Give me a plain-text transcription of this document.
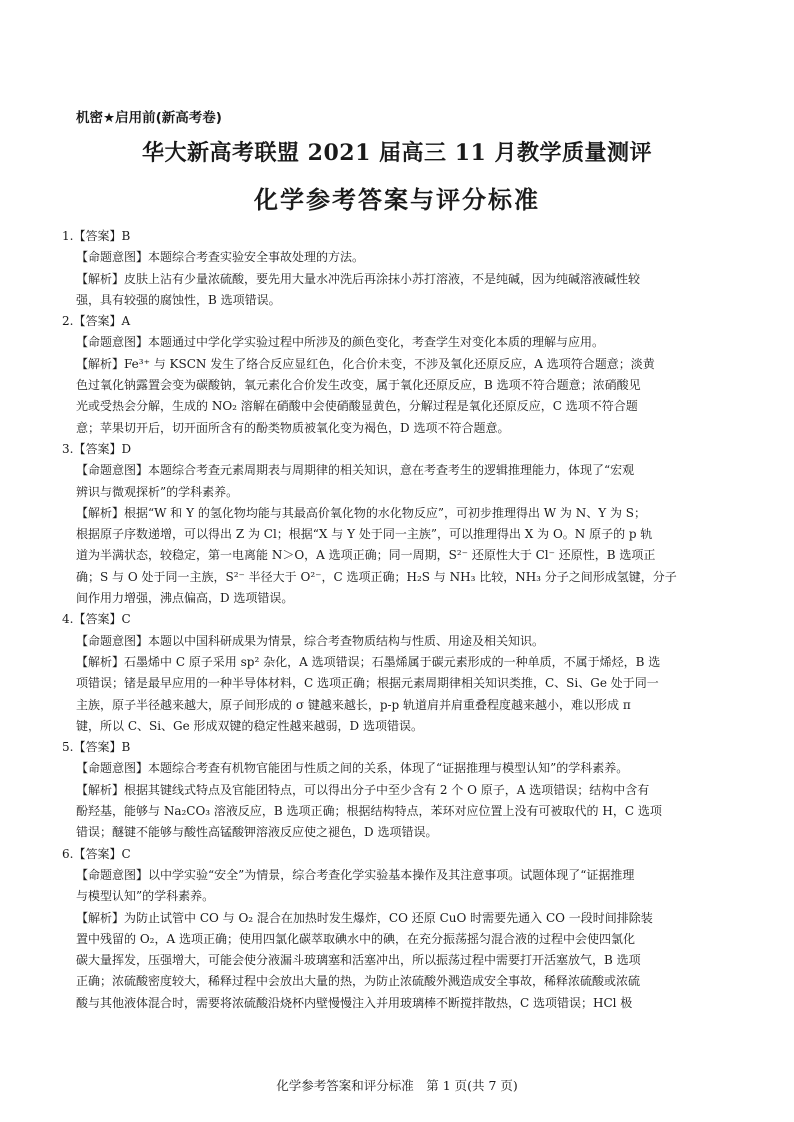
机密★启用前(新高考卷)
华大新高考联盟 2021 届高三 11 月教学质量测评
化学参考答案与评分标准
1.【答案】B
【命题意图】本题综合考查实验安全事故处理的方法。
【解析】皮肤上沾有少量浓硫酸，要先用大量水冲洗后再涂抹小苏打溶液，不是纯碱，因为纯碱溶液碱性较
强，具有较强的腐蚀性，B 选项错误。
2.【答案】A
【命题意图】本题通过中学化学实验过程中所涉及的颜色变化，考查学生对变化本质的理解与应用。
【解析】Fe³⁺ 与 KSCN 发生了络合反应显红色，化合价未变，不涉及氧化还原反应，A 选项符合题意；淡黄
色过氧化钠露置会变为碳酸钠，氧元素化合价发生改变，属于氧化还原反应，B 选项不符合题意；浓硝酸见
光或受热会分解，生成的 NO₂ 溶解在硝酸中会使硝酸显黄色，分解过程是氧化还原反应，C 选项不符合题
意；苹果切开后，切开面所含有的酚类物质被氧化变为褐色，D 选项不符合题意。
3.【答案】D
【命题意图】本题综合考查元素周期表与周期律的相关知识，意在考查考生的逻辑推理能力，体现了“宏观
辨识与微观探析”的学科素养。
【解析】根据“W 和 Y 的氢化物均能与其最高价氧化物的水化物反应”，可初步推理得出 W 为 N、Y 为 S；
根据原子序数递增，可以得出 Z 为 Cl；根据“X 与 Y 处于同一主族”，可以推理得出 X 为 O。N 原子的 p 轨
道为半满状态，较稳定，第一电离能 N＞O，A 选项正确；同一周期，S²⁻ 还原性大于 Cl⁻ 还原性，B 选项正
确；S 与 O 处于同一主族，S²⁻ 半径大于 O²⁻，C 选项正确；H₂S 与 NH₃ 比较，NH₃ 分子之间形成氢键，分子
间作用力增强，沸点偏高，D 选项错误。
4.【答案】C
【命题意图】本题以中国科研成果为情景，综合考查物质结构与性质、用途及相关知识。
【解析】石墨烯中 C 原子采用 sp² 杂化，A 选项错误；石墨烯属于碳元素形成的一种单质，不属于烯烃，B 选
项错误；锗是最早应用的一种半导体材料，C 选项正确；根据元素周期律相关知识类推，C、Si、Ge 处于同一
主族，原子半径越来越大，原子间形成的 σ 键越来越长，p-p 轨道肩并肩重叠程度越来越小，难以形成 π
键，所以 C、Si、Ge 形成双键的稳定性越来越弱，D 选项错误。
5.【答案】B
【命题意图】本题综合考查有机物官能团与性质之间的关系，体现了“证据推理与模型认知”的学科素养。
【解析】根据其键线式特点及官能团特点，可以得出分子中至少含有 2 个 O 原子，A 选项错误；结构中含有
酚羟基，能够与 Na₂CO₃ 溶液反应，B 选项正确；根据结构特点，苯环对应位置上没有可被取代的 H，C 选项
错误；醚键不能够与酸性高锰酸钾溶液反应使之褪色，D 选项错误。
6.【答案】C
【命题意图】以中学实验“安全”为情景，综合考查化学实验基本操作及其注意事项。试题体现了“证据推理
与模型认知”的学科素养。
【解析】为防止试管中 CO 与 O₂ 混合在加热时发生爆炸，CO 还原 CuO 时需要先通入 CO 一段时间排除装
置中残留的 O₂，A 选项正确；使用四氯化碳萃取碘水中的碘，在充分振荡摇匀混合液的过程中会使四氯化
碳大量挥发，压强增大，可能会使分液漏斗玻璃塞和活塞冲出，所以振荡过程中需要打开活塞放气，B 选项
正确；浓硫酸密度较大，稀释过程中会放出大量的热，为防止浓硫酸外溅造成安全事故，稀释浓硫酸或浓硫
酸与其他液体混合时，需要将浓硫酸沿烧杯内壁慢慢注入并用玻璃棒不断搅拌散热，C 选项错误；HCl 极
化学参考答案和评分标准　第 1 页(共 7 页)
